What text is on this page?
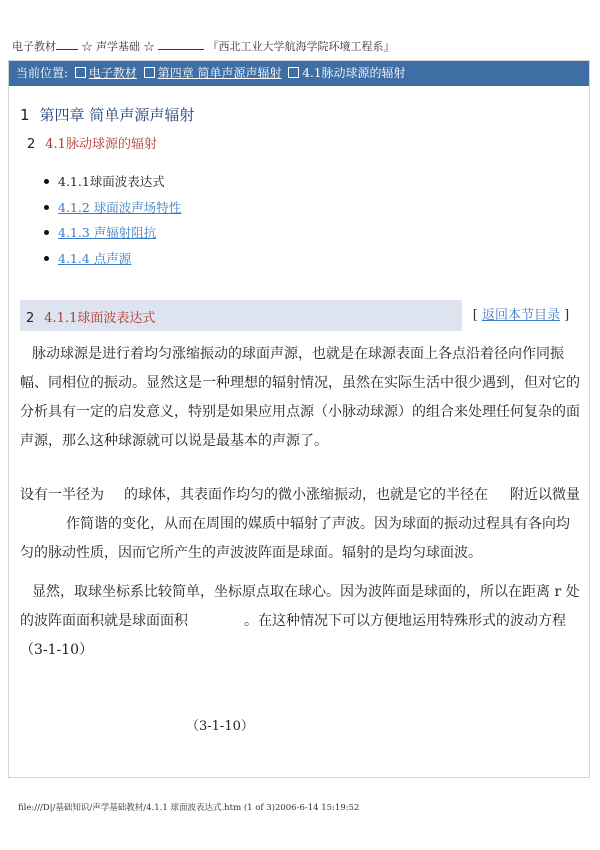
电子教材 ☆ 声学基础 ☆	『西北工业大学航海学院环境工程系』
当前位置: 电子教材 第四章 简单声源声辐射 4.1脉动球源的辐射
1 第四章 简单声源声辐射
2 4.1脉动球源的辐射
4.1.1球面波表达式
4.1.2 球面波声场特性
4.1.3 声辐射阻抗
4.1.4 点声源
2 4.1.1球面波表达式	[ 返回本节目录 ]

脉动球源是进行着均匀涨缩振动的球面声源，也就是在球源表面上各点沿着径向作同振幅、同相位的振动。显然这是一种理想的辐射情况，虽然在实际生活中很少遇到，但对它的分析具有一定的启发意义，特别是如果应用点源（小脉动球源）的组合来处理任何复杂的面声源，那么这种球源就可以说是最基本的声源了。

设有一半径为 的球体，其表面作均匀的微小涨缩振动，也就是它的半径在 附近以微量
作简谐的变化，从而在周围的媒质中辐射了声波。因为球面的振动过程具有各向均匀的脉动性质，因而它所产生的声波波阵面是球面。辐射的是均匀球面波。

显然，取球坐标系比较简单，坐标原点取在球心。因为波阵面是球面的，所以在距离 r 处的波阵面面积就是球面面积	。在这种情况下可以方便地运用特殊形式的波动方程（3-1-10）

（3-1-10）
file:///D|/基础知识/声学基础教材/4.1.1 球面波表达式.htm (1 of 3)2006-6-14 15:19:52
